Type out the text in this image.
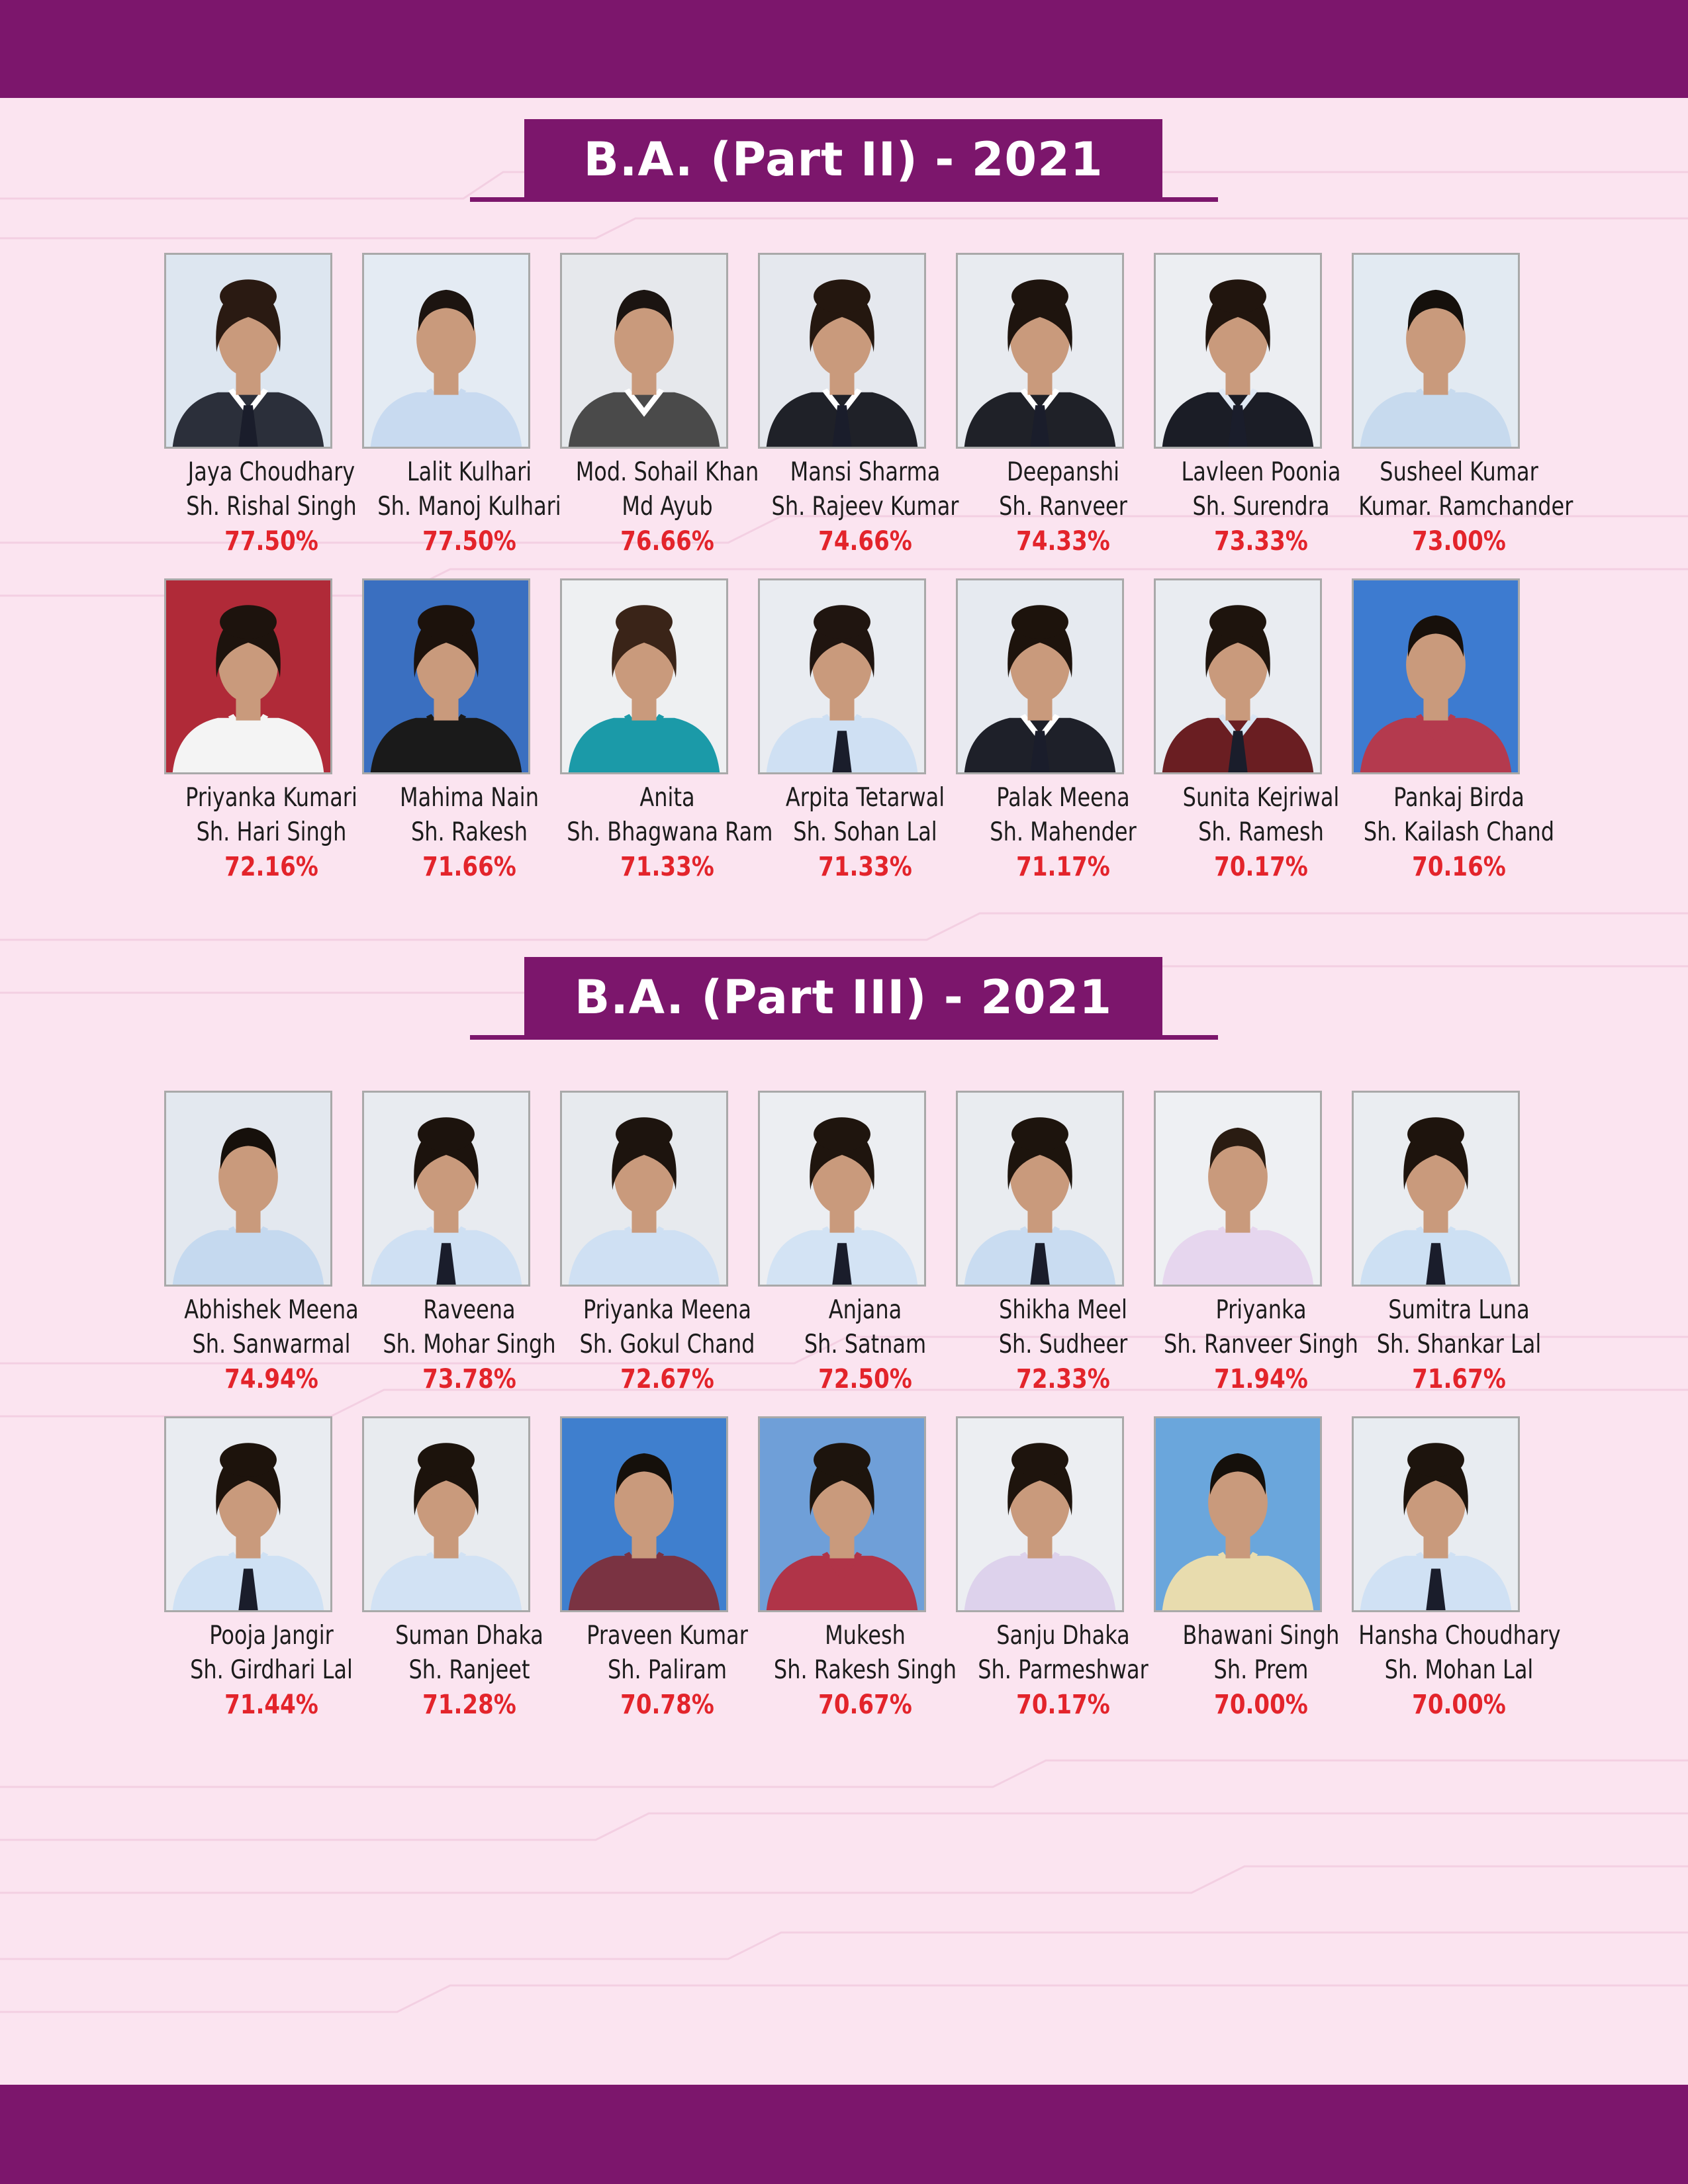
B.A. (Part II) - 2021
Jaya Choudhary
Sh. Rishal Singh
77.50%
Lalit Kulhari
Sh. Manoj Kulhari
77.50%
Mod. Sohail Khan
Md Ayub
76.66%
Mansi Sharma
Sh. Rajeev Kumar
74.66%
Deepanshi
Sh. Ranveer
74.33%
Lavleen Poonia
Sh. Surendra
73.33%
Susheel Kumar
Kumar. Ramchander
73.00%
Priyanka Kumari
Sh. Hari Singh
72.16%
Mahima Nain
Sh. Rakesh
71.66%
Anita
Sh. Bhagwana Ram
71.33%
Arpita Tetarwal
Sh. Sohan Lal
71.33%
Palak Meena
Sh. Mahender
71.17%
Sunita Kejriwal
Sh. Ramesh
70.17%
Pankaj Birda
Sh. Kailash Chand
70.16%
B.A. (Part III) - 2021
Abhishek Meena
Sh. Sanwarmal
74.94%
Raveena
Sh. Mohar Singh
73.78%
Priyanka Meena
Sh. Gokul Chand
72.67%
Anjana
Sh. Satnam
72.50%
Shikha Meel
Sh. Sudheer
72.33%
Priyanka
Sh. Ranveer Singh
71.94%
Sumitra Luna
Sh. Shankar Lal
71.67%
Pooja Jangir
Sh. Girdhari Lal
71.44%
Suman Dhaka
Sh. Ranjeet
71.28%
Praveen Kumar
Sh. Paliram
70.78%
Mukesh
Sh. Rakesh Singh
70.67%
Sanju Dhaka
Sh. Parmeshwar
70.17%
Bhawani Singh
Sh. Prem
70.00%
Hansha Choudhary
Sh. Mohan Lal
70.00%
